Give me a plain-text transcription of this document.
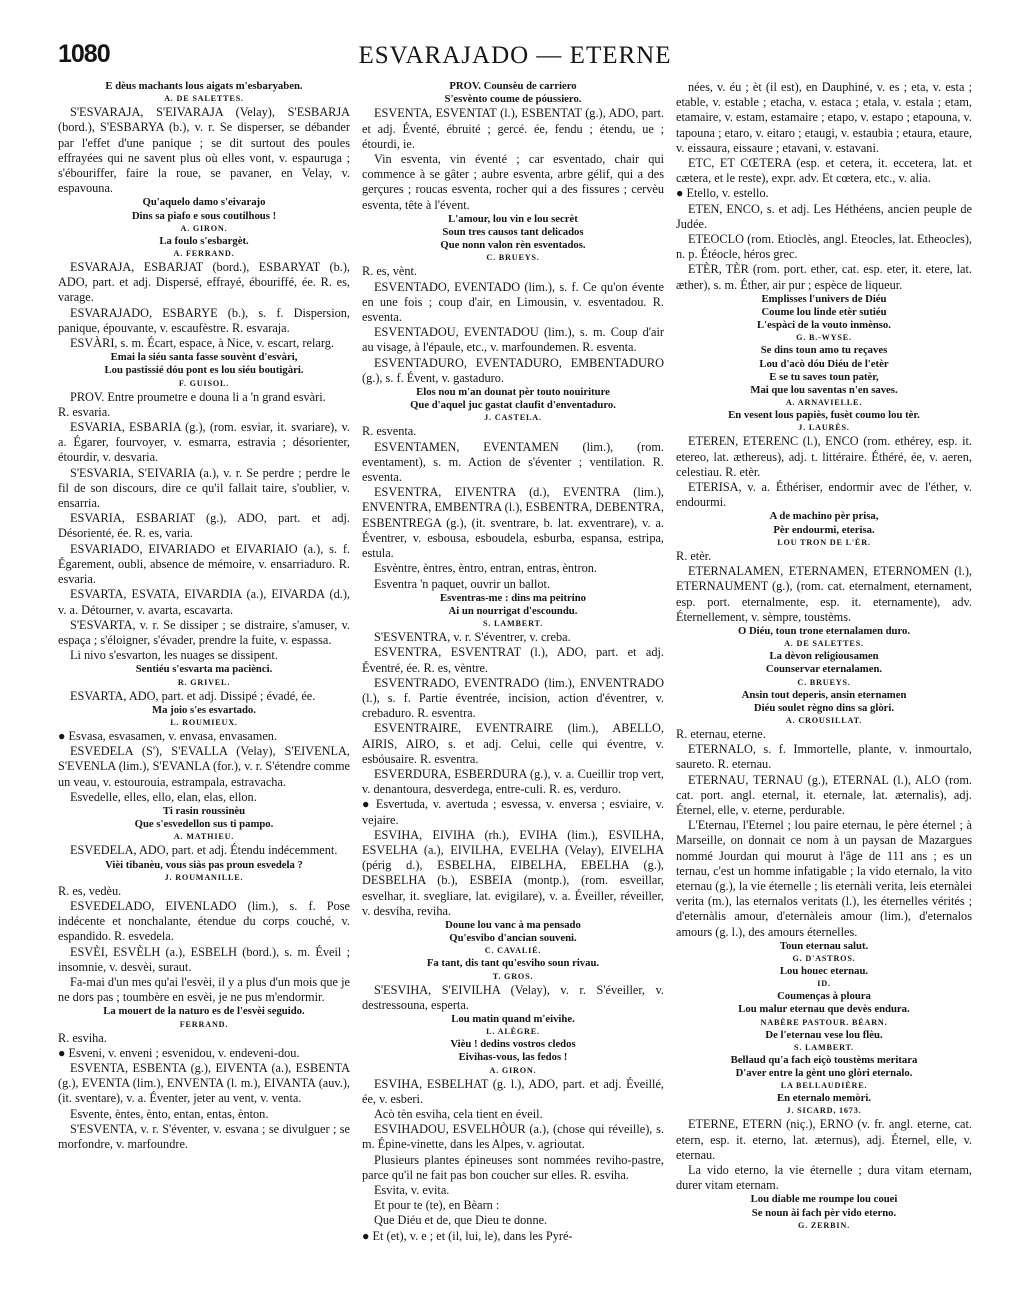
1080	ESVARAJADO — ETERNE
E dèus machants lous aigats m'esbaryaben.
A. DE SALETTES.
S'ESVARAJA, S'EIVARAJA (Velay), S'ESBARJA (bord.), S'ESBARYA (b.), v. r. Se disperser, se débander par l'effet d'une panique ; se dit surtout des poules effrayées qui ne savent plus où elles vont, v. espauruga ; s'ébouriffer, faire la roue, se pavaner, en Velay, v. espavouna.
Qu'aquelo damo s'eivarajo
Dins sa piafo e sous coutilhous !
A. GIRON.
La foulo s'esbargèt.
A. FERRAND.
ESVARAJA, ESBARJAT (bord.), ESBARYAT (b.), ADO, part. et adj. Dispersé, effrayé, ébouriffé, ée. R. es, varage.
ESVARAJADO, ESBARYE (b.), s. f. Dispersion, panique, épouvante, v. escaufèstre. R. esvaraja.
ESVÀRI, s. m. Écart, espace, à Nice, v. escart, relarg.
Emai la siéu santa fasse souvènt d'esvàri,
Lou pastissié dóu pont es lou siéu boutigàri.
F. GUISOL.
PROV. Entre proumetre e douna li a 'n grand esvàri.
R. esvaria.
ESVARIA, ESBARIA (g.), (rom. esviar, it. svariare), v. a. Égarer, fourvoyer, v. esmarra, estravia ; désorienter, étourdir, v. desvaria.
S'ESVARIA, S'EIVARIA (a.), v. r. Se perdre ; perdre le fil de son discours, dire ce qu'il fallait taire, s'oublier, v. ensarria.
ESVARIA, ESBARIAT (g.), ADO, part. et adj. Désorienté, ée. R. es, varia.
ESVARIADO, EIVARIADO et EIVARIAIO (a.), s. f. Égarement, oubli, absence de mémoire, v. ensarriaduro. R. esvaria.
ESVARTA, ESVATA, EIVARDIA (a.), EIVARDA (d.), v. a. Détourner, v. avarta, escavarta.
S'ESVARTA, v. r. Se dissiper ; se distraire, s'amuser, v. espaça ; s'éloigner, s'évader, prendre la fuite, v. espassa.
Li nivo s'esvarton, les nuages se dissipent.
Sentiéu s'esvarta ma paciènci.
R. GRIVEL.
ESVARTA, ADO, part. et adj. Dissipé ; évadé, ée.
Ma joio s'es esvartado.
L. ROUMIEUX.
● Esvasa, esvasamen, v. envasa, envasamen.
ESVEDELA (S'), S'EVALLA (Velay), S'EIVENLA, S'EVENLA (lim.), S'EVANLA (for.), v. r. S'étendre comme un veau, v. estourouia, estrampala, estravacha.
Esvedelle, elles, ello, elan, elas, ellon.
Ti rasin roussinèu
Que s'esvedellon sus ti pampo.
A. MATHIEU.
ESVEDELA, ADO, part. et adj. Étendu indécemment.
Vièi tibanèu, vous siàs pas proun esvedela ?
J. ROUMANILLE.
R. es, vedèu.
ESVEDELADO, EIVENLADO (lim.), s. f. Pose indécente et nonchalante, étendue du corps couché, v. espandido. R. esvedela.
ESVÈI, ESVÈLH (a.), ESBELH (bord.), s. m. Éveil ; insomnie, v. desvèi, suraut.
Fa-mai d'un mes qu'ai l'esvèi, il y a plus d'un mois que je ne dors pas ; toumbère en esvèi, je ne pus m'endormir.
La mouert de la naturo es de l'esvèi seguido.
FERRAND.
R. esviha.
● Esveni, v. enveni ; esvenidou, v. endeveni-dou.
ESVENTA, ESBENTA (g.), EIVENTA (a.), ESBENTA (g.), EVENTA (lim.), ENVENTA (l. m.), EIVANTA (auv.), (it. sventare), v. a. Éventer, jeter au vent, v. venta.
Esvente, èntes, ènto, entan, entas, ènton.
S'ESVENTA, v. r. S'éventer, v. esvana ; se divulguer ; se morfondre, v. marfoundre.
PROV. Counsèu de carriero
S'esvènto coume de póussiero.
ESVENTA, ESVENTAT (l.), ESBENTAT (g.), ADO, part. et adj. Éventé, ébruité ; gercé. ée, fendu ; étendu, ue ; étourdi, ie.
Vin esventa, vin éventé ; car esventado, chair qui commence à se gâter ; aubre esventa, arbre gélif, qui a des gerçures ; roucas esventa, rocher qui a des fissures ; cervèu esventa, tête à l'évent.
L'amour, lou vin e lou secrèt
Soun tres causos tant delicados
Que nonn valon rèn esventados.
C. BRUEYS.
R. es, vènt.
ESVENTADO, EVENTADO (lim.), s. f. Ce qu'on évente en une fois ; coup d'air, en Limousin, v. esventadou. R. esventa.
ESVENTADOU, EVENTADOU (lim.), s. m. Coup d'air au visage, à l'épaule, etc., v. marfoundemen. R. esventa.
ESVENTADURO, EVENTADURO, EMBENTADURO (g.), s. f. Évent, v. gastaduro.
Elos nou m'an dounat pèr touto nouiriture
Que d'aquel juc gastat claufit d'enventaduro.
J. CASTELA.
R. esventa.
ESVENTAMEN, EVENTAMEN (lim.), (rom. eventament), s. m. Action de s'éventer ; ventilation. R. esventa.
ESVENTRA, EIVENTRA (d.), EVENTRA (lim.), ENVENTRA, EMBENTRA (l.), ESBENTRA, DEBENTRA, ESBENTREGA (g.), (it. sventrare, b. lat. exventrare), v. a. Éventrer, v. esbousa, esboudela, esburba, espansa, estripa, estula.
Esvèntre, èntres, èntro, entran, entras, èntron.
Esventra 'n paquet, ouvrir un ballot.
Esventras-me : dins ma peitrino
Ai un nourrigat d'escoundu.
S. LAMBERT.
S'ESVENTRA, v. r. S'éventrer, v. creba.
ESVENTRA, ESVENTRAT (l.), ADO, part. et adj. Éventré, ée. R. es, vèntre.
ESVENTRADO, EVENTRADO (lim.), ENVENTRADO (l.), s. f. Partie éventrée, incision, action d'éventrer, v. crebaduro. R. esventra.
ESVENTRAIRE, EVENTRAIRE (lim.), ABELLO, AIRIS, AIRO, s. et adj. Celui, celle qui éventre, v. esbóusaire. R. esventra.
ESVERDURA, ESBERDURA (g.), v. a. Cueillir trop vert, v. denantoura, desverdega, entre-culi. R. es, verduro.
● Esvertuda, v. avertuda ; esvessa, v. enversa ; esviaire, v. vejaire.
ESVIHA, EIVIHA (rh.), EVIHA (lim.), ESVILHA, ESVELHA (a.), EIVILHA, EVELHA (Velay), EIVELHA (périg d.), ESBELHA, EIBELHA, EBELHA (g.), DESBELHA (b.), ESBEIA (montp.), (rom. esveillar, esvelhar, it. svegliare, lat. evigilare), v. a. Éveiller, réveiller, v. desviha, reviha.
Doune lou vanc à ma pensado
Qu'esvibo d'ancian souveni.
C. CAVALIÉ.
Fa tant, dis tant qu'esviho soun rivau.
T. GROS.
S'ESVIHA, S'EIVILHA (Velay), v. r. S'éveiller, v. destressouna, esperta.
Lou matin quand m'eivihe.
L. ALÈGRE.
Vièu ! dedins vostros cledos
Eivihas-vous, las fedos !
A. GIRON.
ESVIHA, ESBELHAT (g. l.), ADO, part. et adj. Éveillé, ée, v. esberi.
Acò tèn esviha, cela tient en éveil.
ESVIHADOU, ESVELHÒUR (a.), (chose qui réveille), s. m. Épine-vinette, dans les Alpes, v. agrioutat.
Plusieurs plantes épineuses sont nommées reviho-pastre, parce qu'il ne fait pas bon coucher sur elles. R. esviha.
Esvita, v. evita.
Et pour te (te), en Bèarn :
Que Diéu et de, que Dieu te donne.
● Et (et), v. e ; et (il, lui, le), dans les Pyré-
nées, v. éu ; èt (il est), en Dauphiné, v. es ; eta, v. esta ; etable, v. estable ; etacha, v. estaca ; etala, v. estala ; etam, etamaire, v. estam, estamaire ; etapo, v. estapo ; etapouna, v. tapouna ; etaro, v. eitaro ; etaugi, v. estaubia ; etaura, etaure, v. eissaura, eissaure ; etavani, v. estavani.
ETC, ET CŒTERA (esp. et cetera, it. eccetera, lat. et cætera, et le reste), expr. adv. Et cœtera, etc., v. alia.
● Etello, v. estello.
ETEN, ENCO, s. et adj. Les Héthéens, ancien peuple de Judée.
ETEOCLO (rom. Etioclès, angl. Eteocles, lat. Etheocles), n. p. Étéocle, héros grec.
ETÈR, TÈR (rom. port. ether, cat. esp. eter, it. etere, lat. æther), s. m. Éther, air pur ; espèce de liqueur.
Emplisses l'univers de Diéu
Coume lou linde etèr sutiéu
L'espàci de la vouto inmènso.
G. B.-WYSE.
Se dins toun amo tu reçaves
Lou d'acò dóu Diéu de l'etèr
E se tu saves toun patèr,
Mai que lou saventas n'en saves.
A. ARNAVIELLE.
En vesent lous papiès, fusèt coumo lou tèr.
J. LAURÈS.
ETEREN, ETERENC (l.), ENCO (rom. ethérey, esp. it. etereo, lat. æthereus), adj. t. littéraire. Éthéré, ée, v. aeren, celestiau. R. etèr.
ETERISA, v. a. Éthériser, endormir avec de l'éther, v. endourmi.
A de machino pèr prisa,
Pèr endourmi, eterisa.
LOU TRON DE L'ÈR.
R. etèr.
ETERNALAMEN, ETERNAMEN, ETERNOMEN (l.), ETERNAUMENT (g.), (rom. cat. eternalment, eternament, esp. port. eternalmente, esp. it. eternamente), adv. Éternellement, v. sèmpre, toustèms.
O Diéu, toun trone eternalamen duro.
A. DE SALETTES.
La dèvon religiousamen
Counservar eternalamen.
C. BRUEYS.
Ansin tout deperis, ansin eternamen
Diéu soulet règno dins sa glòri.
A. CROUSILLAT.
R. eternau, eterne.
ETERNALO, s. f. Immortelle, plante, v. inmourtalo, saureto. R. eternau.
ETERNAU, TERNAU (g.), ETERNAL (l.), ALO (rom. cat. port. angl. eternal, it. eternale, lat. æternalis), adj. Éternel, elle, v. eterne, perdurable.
L'Eternau, l'Eternel ; lou paire eternau, le père éternel ; à Marseille, on donnait ce nom à un paysan de Mazargues nommé Jourdan qui mourut à l'âge de 111 ans ; es un ternau, c'est un homme infatigable ; la vido eternalo, la vito eternau (g.), la vie éternelle ; lis eternàli verita, leis eternàlei verita (m.), las eternalos veritats (l.), les éternelles vérités ; d'eternàlis amour, d'eternàleis amour (lim.), d'eternalos amours (g. l.), des amours éternelles.
Toun eternau salut.
G. D'ASTROS.
Lou houec eternau.
ID.
Coumenças à ploura
Lou malur eternau que devès endura.
NABÈRE PASTOUR. BÉARN.
De l'eternau vese lou flèu.
S. LAMBERT.
Bellaud qu'a fach eiçò toustèms meritara
D'aver entre la gènt uno glòri eternalo.
LA BELLAUDIÈRE.
En eternalo memòri.
J. SICARD, 1673.
ETERNE, ETERN (niç.), ERNO (v. fr. angl. eterne, cat. etern, esp. it. eterno, lat. æternus), adj. Éternel, elle, v. eternau.
La vido eterno, la vie éternelle ; dura vitam eternam, durer vitam eternam.
Lou diable me roumpe lou couei
Se noun ài fach pèr vido eterno.
G. ZERBIN.
